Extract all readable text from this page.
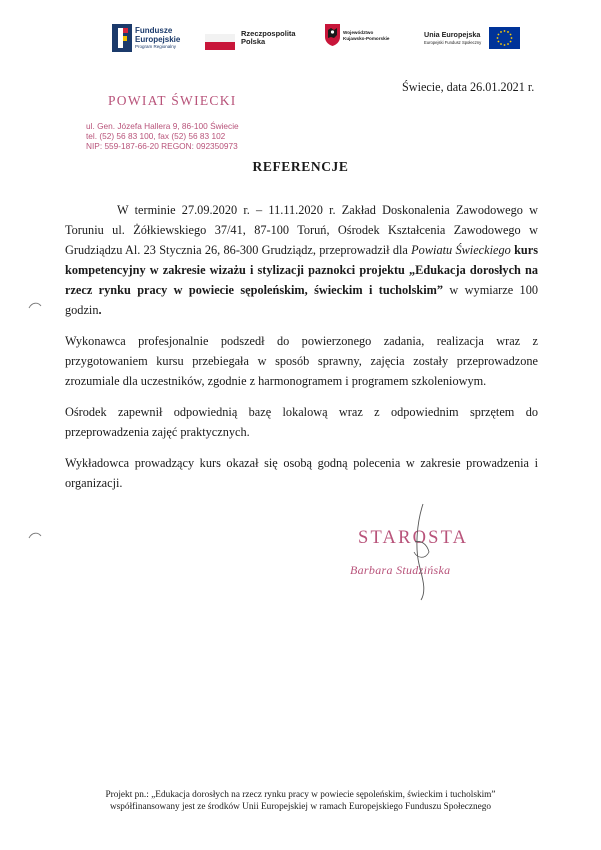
Fundusze
Europejskie
Program Regionalny
Rzeczpospolita
Polska
Województwo
Kujawsko-Pomorskie	Unia Europejska
Europejski Fundusz Społeczny
Świecie, data 26.01.2021 r.
POWIAT ŚWIECKI
ul. Gen. Józefa Hallera 9, 86-100 Świecie
tel. (52) 56 83 100, fax (52) 56 83 102
NIP: 559-187-66-20 REGON: 092350973
REFERENCJE

W terminie 27.09.2020 r. – 11.11.2020 r. Zakład Doskonalenia Zawodowego w Toruniu ul. Żółkiewskiego 37/41, 87-100 Toruń, Ośrodek Kształcenia Zawodowego w Grudziądzu Al. 23 Stycznia 26, 86-300 Grudziądz, przeprowadził dla Powiatu Świeckiego kurs kompetencyjny w zakresie wizażu i stylizacji paznokci projektu „Edukacja dorosłych na rzecz rynku pracy w powiecie sępoleńskim, świeckim i tucholskim” w wymiarze 100 godzin.

Wykonawca profesjonalnie podszedł do powierzonego zadania, realizacja wraz z przygotowaniem kursu przebiegała w sposób sprawny, zajęcia zostały przeprowadzone zrozumiale dla uczestników, zgodnie z harmonogramem i programem szkoleniowym.

Ośrodek zapewnił odpowiednią bazę lokalową wraz z odpowiednim sprzętem do przeprowadzenia zajęć praktycznych.

Wykładowca prowadzący kurs okazał się osobą godną polecenia w zakresie prowadzenia i organizacji.

STAROSTA
Barbara Studzińska
Projekt pn.: „Edukacja dorosłych na rzecz rynku pracy w powiecie sępoleńskim, świeckim i tucholskim”
współfinansowany jest ze środków Unii Europejskiej w ramach Europejskiego Funduszu Społecznego
